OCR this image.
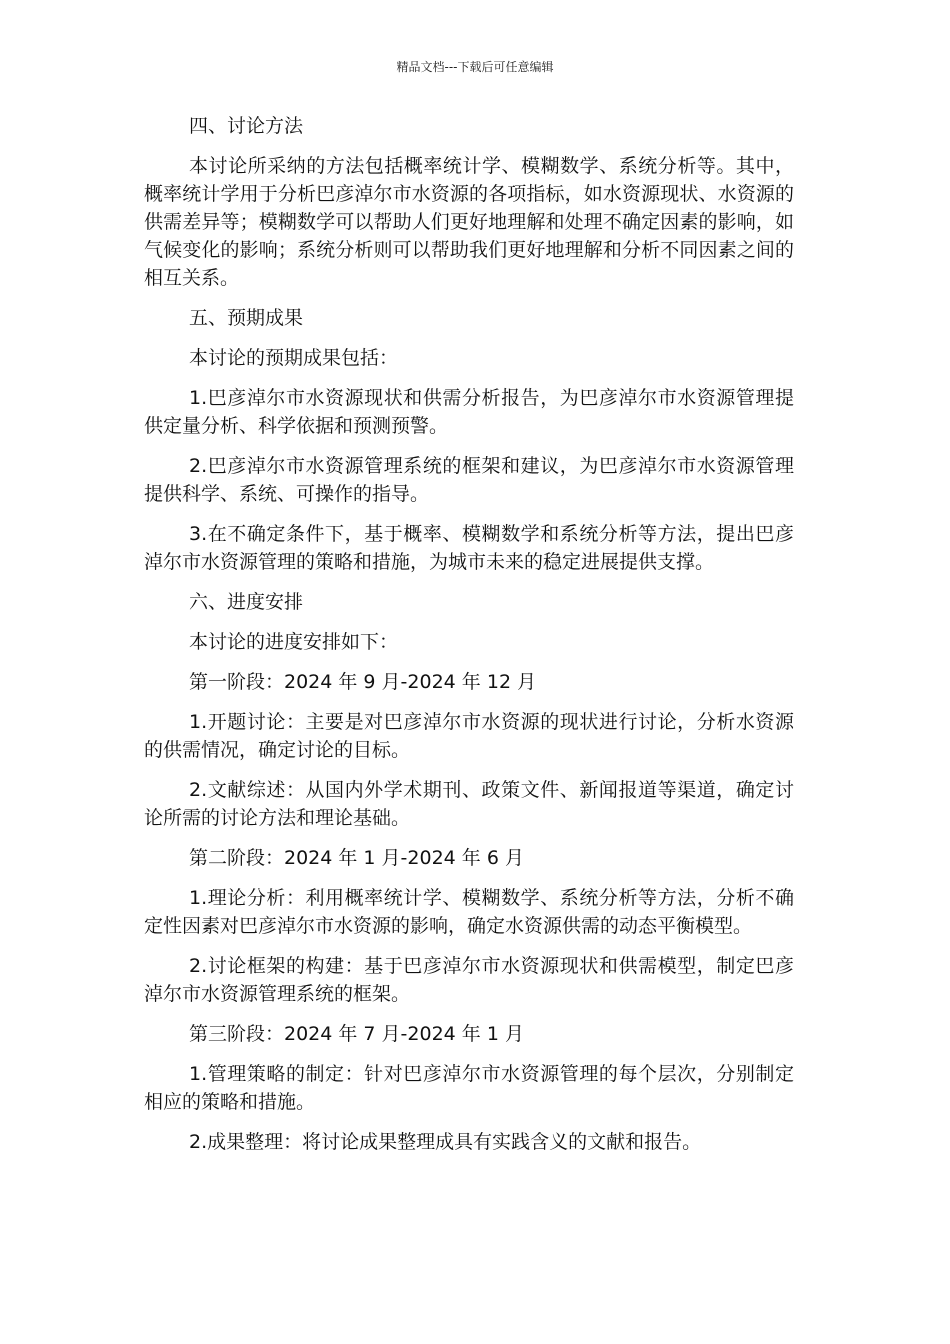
精品文档---下载后可任意编辑

四、讨论方法

本讨论所采纳的方法包括概率统计学、模糊数学、系统分析等。其中，概率统计学用于分析巴彦淖尔市水资源的各项指标，如水资源现状、水资源的供需差异等；模糊数学可以帮助人们更好地理解和处理不确定因素的影响，如气候变化的影响；系统分析则可以帮助我们更好地理解和分析不同因素之间的相互关系。

五、预期成果

本讨论的预期成果包括：

1.巴彦淖尔市水资源现状和供需分析报告，为巴彦淖尔市水资源管理提供定量分析、科学依据和预测预警。

2.巴彦淖尔市水资源管理系统的框架和建议，为巴彦淖尔市水资源管理提供科学、系统、可操作的指导。

3.在不确定条件下，基于概率、模糊数学和系统分析等方法，提出巴彦淖尔市水资源管理的策略和措施，为城市未来的稳定进展提供支撑。

六、进度安排

本讨论的进度安排如下：

第一阶段：2024 年 9 月-2024 年 12 月

1.开题讨论：主要是对巴彦淖尔市水资源的现状进行讨论，分析水资源的供需情况，确定讨论的目标。

2.文献综述：从国内外学术期刊、政策文件、新闻报道等渠道，确定讨论所需的讨论方法和理论基础。

第二阶段：2024 年 1 月-2024 年 6 月

1.理论分析：利用概率统计学、模糊数学、系统分析等方法，分析不确定性因素对巴彦淖尔市水资源的影响，确定水资源供需的动态平衡模型。

2.讨论框架的构建：基于巴彦淖尔市水资源现状和供需模型，制定巴彦淖尔市水资源管理系统的框架。

第三阶段：2024 年 7 月-2024 年 1 月

1.管理策略的制定：针对巴彦淖尔市水资源管理的每个层次，分别制定相应的策略和措施。

2.成果整理：将讨论成果整理成具有实践含义的文献和报告。
